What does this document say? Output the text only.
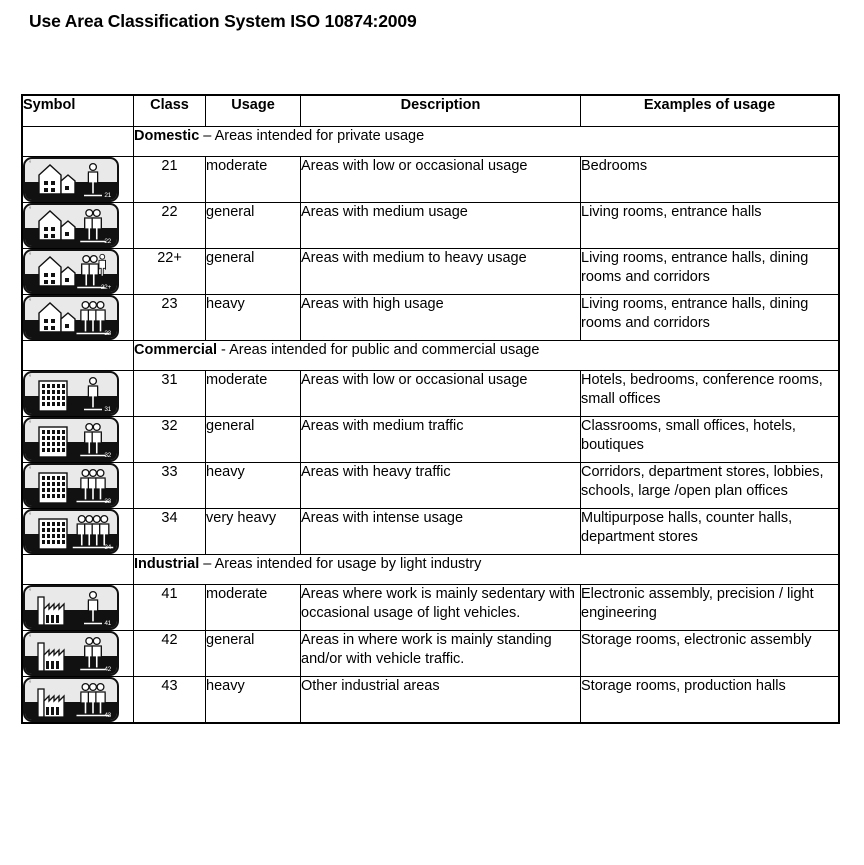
Use Area Classification System ISO 10874:2009
Symbol	Class	Usage	Description	Examples of usage
	Domestic – Areas intended for private usage			

°
21	21	moderate	Areas with low or occasional usage	Bedrooms

°
22	22	general	Areas with medium usage	Living rooms, entrance halls

°
22+	22+	general	Areas with medium to heavy usage	Living rooms, entrance halls, dining rooms and corridors

°
23	23	heavy	Areas with high usage	Living rooms, entrance halls, dining rooms and corridors
	Commercial - Areas intended for public and commercial usage			

°
31	31	moderate	Areas with low or occasional usage	Hotels, bedrooms, conference rooms, small offices

°
32	32	general	Areas with medium traffic	Classrooms, small offices, hotels, boutiques

°
33	33	heavy	Areas with heavy traffic	Corridors, department stores, lobbies, schools, large /open plan offices

°
34	34	very heavy	Areas with intense usage	Multipurpose halls, counter halls, department stores
	Industrial – Areas intended for usage by light industry			

°
41	41	moderate	Areas where work is mainly sedentary with occasional usage of light vehicles.	Electronic assembly, precision / light engineering

°
42	42	general	Areas in where work is mainly standing and/or with vehicle traffic.	Storage rooms, electronic assembly

°
43	43	heavy	Other industrial areas	Storage rooms, production halls
